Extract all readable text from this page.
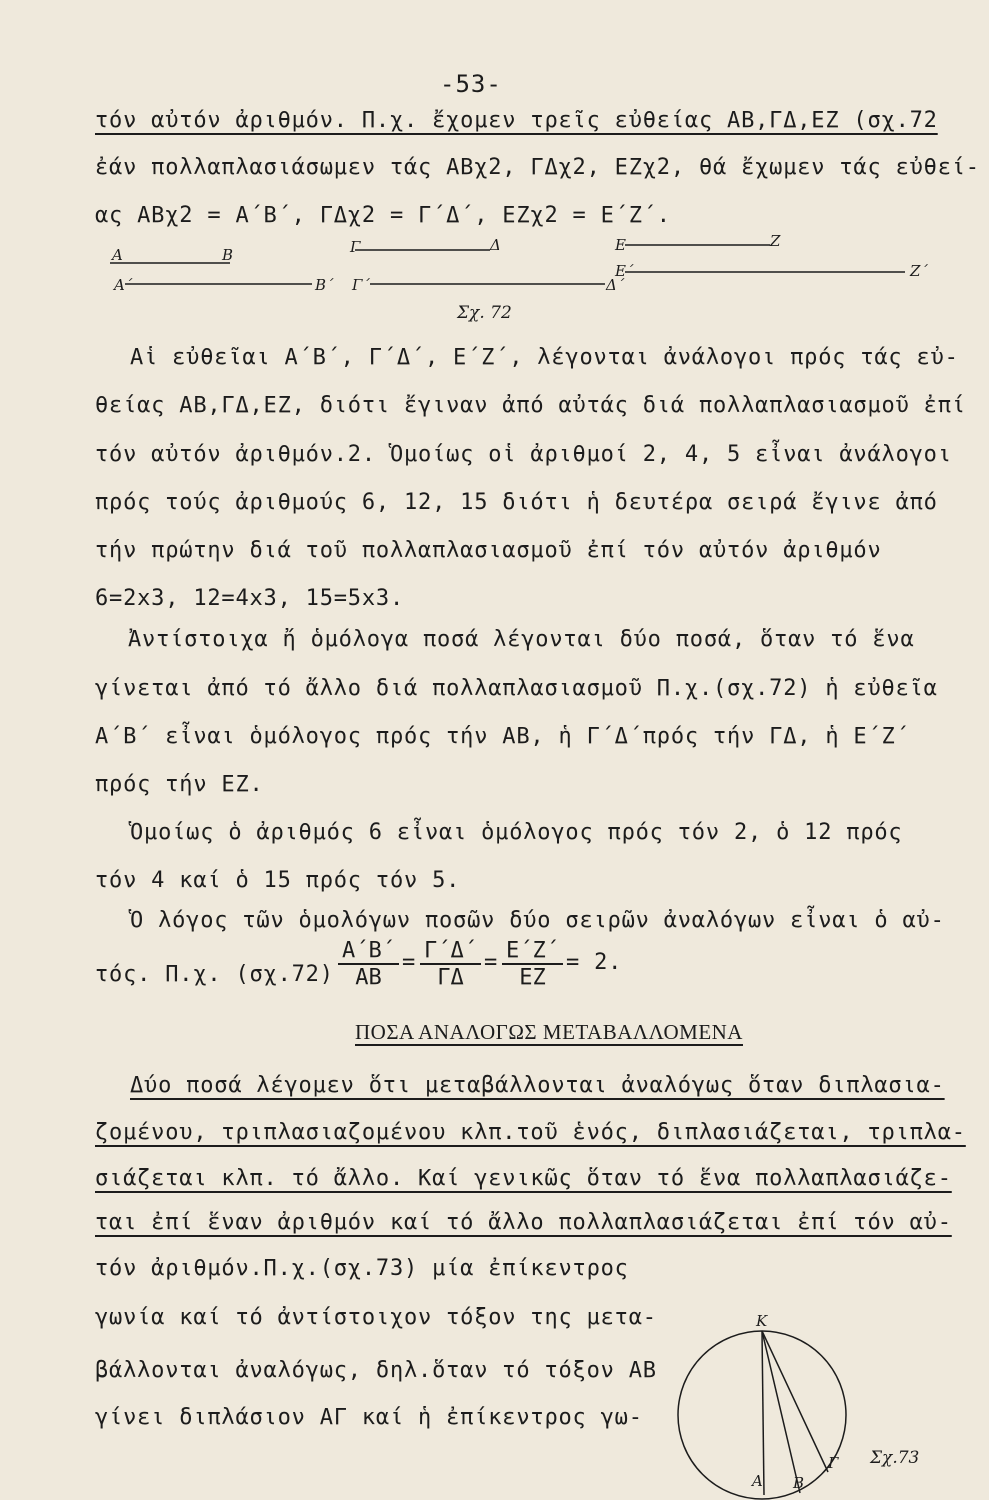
-53-
τόν αὐτόν ἀριθμόν. Π.χ. ἔχομεν τρεῖς εὐθείας ΑΒ,ΓΔ,ΕΖ (σχ.72
ἐάν πολλαπλασιάσωμεν τάς ΑΒχ2, ΓΔχ2, ΕΖχ2, θά ἔχωμεν τάς εὐθεί-
ας ΑΒχ2 = Α΄Β΄, ΓΔχ2 = Γ΄Δ΄, ΕΖχ2 = Ε΄Ζ΄.
Α	Β	Γ	Δ	Ε	Ζ
Α΄	Β΄ Γ΄	Δ΄
Ε΄	Ζ΄
Σχ. 72
Αἱ εὐθεῖαι Α΄Β΄, Γ΄Δ΄, Ε΄Ζ΄, λέγονται ἀνάλογοι πρός τάς εὐ-
θείας ΑΒ,ΓΔ,ΕΖ, διότι ἔγιναν ἀπό αὐτάς διά πολλαπλασιασμοῦ ἐπί
τόν αὐτόν ἀριθμόν.2. Ὁμοίως οἱ ἀριθμοί 2, 4, 5 εἶναι ἀνάλογοι
πρός τούς ἀριθμούς 6, 12, 15 διότι ἡ δευτέρα σειρά ἔγινε ἀπό
τήν πρώτην διά τοῦ πολλαπλασιασμοῦ ἐπί τόν αὐτόν ἀριθμόν
6=2x3, 12=4x3, 15=5x3.
Ἀντίστοιχα ἤ ὁμόλογα ποσά λέγονται δύο ποσά, ὅταν τό ἕνα
γίνεται ἀπό τό ἄλλο διά πολλαπλασιασμοῦ Π.χ.(σχ.72) ἡ εὐθεῖα
Α΄Β΄ εἶναι ὁμόλογος πρός τήν ΑΒ, ἡ Γ΄Δ΄πρός τήν ΓΔ, ἡ Ε΄Ζ΄
πρός τήν ΕΖ.
Ὁμοίως ὁ ἀριθμός 6 εἶναι ὁμόλογος πρός τόν 2, ὁ 12 πρός
τόν 4 καί ὁ 15 πρός τόν 5.
Ὁ λόγος τῶν ὁμολόγων ποσῶν δύο σειρῶν ἀναλόγων εἶναι ὁ αὐ-
τός. Π.χ. $(\sigma\chi.72) \frac{A΄B΄}{AB} = \frac{\Gamma΄\Delta΄}{\Gamma\Delta} = \frac{E΄Z΄}{EZ} = 2$.
ΠΟΣΑ ΑΝΑΛΟΓΩΣ ΜΕΤΑΒΑΛΛΟΜΕΝΑ
Δύο ποσά λέγομεν ὅτι μεταβάλλονται ἀναλόγως ὅταν διπλασια-
ζομένου, τριπλασιαζομένου κλπ.τοῦ ἑνός, διπλασιάζεται, τριπλα-
σιάζεται κλπ. τό ἄλλο. Καί γενικῶς ὅταν τό ἕνα πολλαπλασιάζε-
ται ἐπί ἕναν ἀριθμόν καί τό ἄλλο πολλαπλασιάζεται ἐπί τόν αὐ-
τόν ἀριθμόν.Π.χ.(σχ.73) μία ἐπίκεντρος
γωνία καί τό ἀντίστοιχον τόξον της μετα-
βάλλονται ἀναλόγως, δηλ.ὅταν τό τόξον ΑΒ
γίνει διπλάσιον ΑΓ καί ἡ ἐπίκεντρος γω-
Κ
Γ
Β
Α
Σχ.73
